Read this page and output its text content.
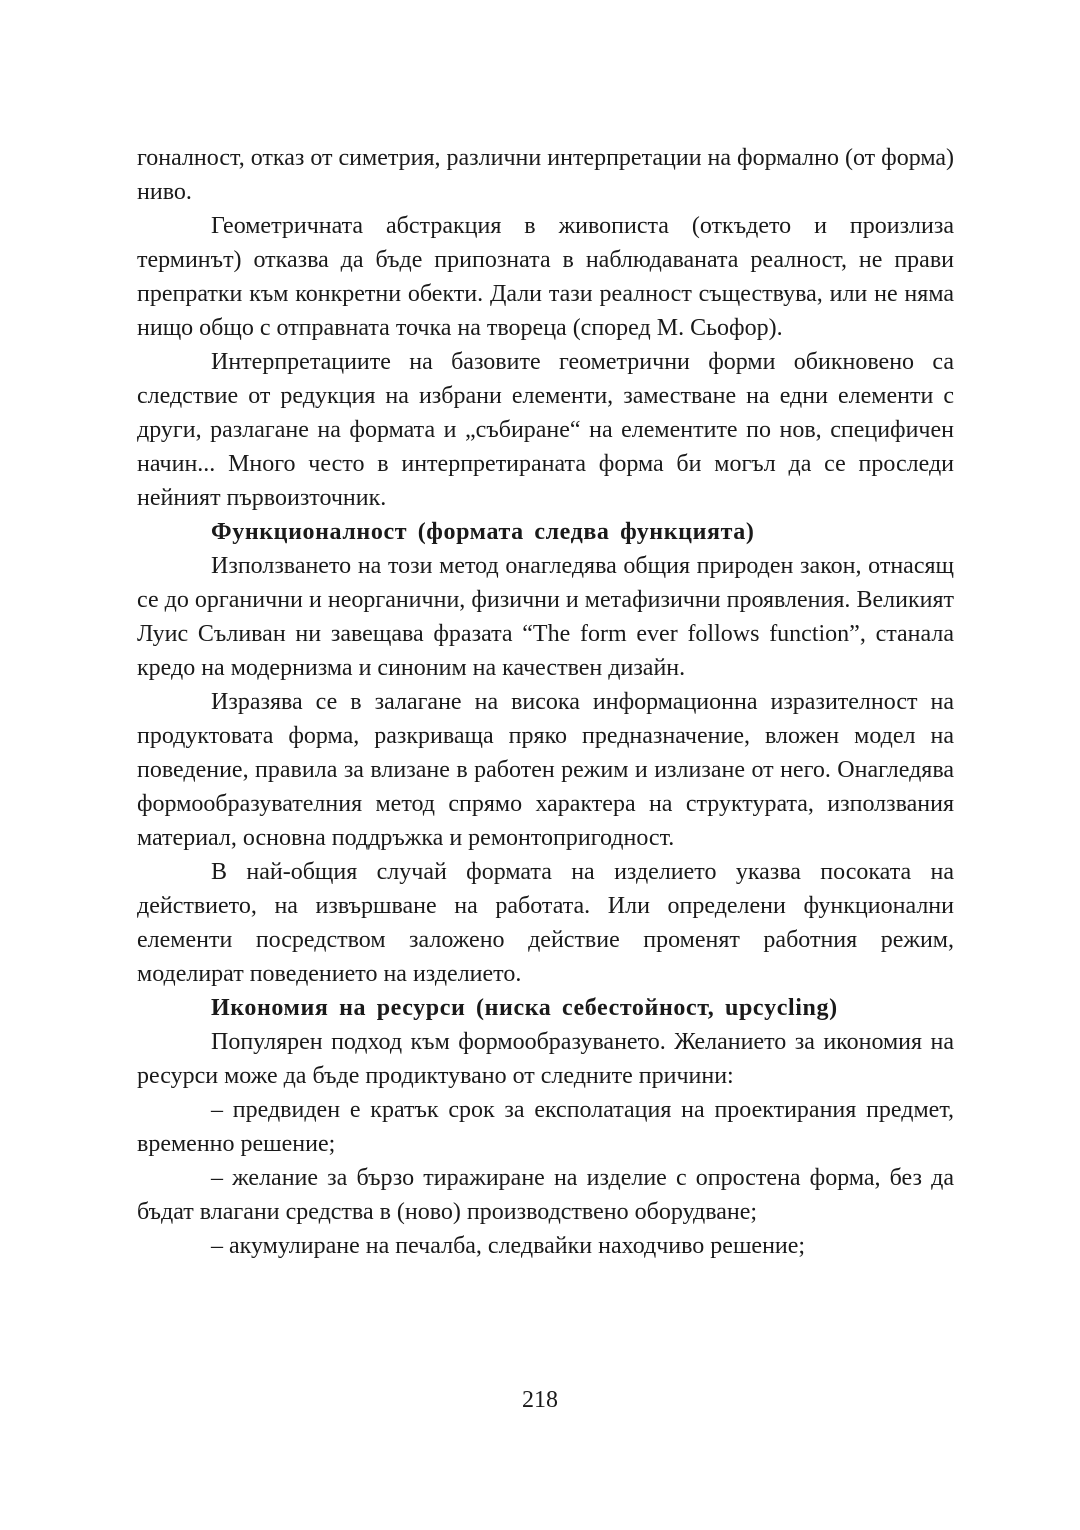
гоналност, отказ от симетрия, различни интерпретации на формално (от форма) ниво.

Геометричната абстракция в живописта (откъдето и произлиза терминът) отказва да бъде припозната в наблюдаваната реалност, не прави препратки към конкретни обекти. Дали тази реалност съществува, или не няма нищо общо с отправната точка на твореца (според М. Сьофор).

Интерпретациите на базовите геометрични форми обикновено са следствие от редукция на избрани елементи, заместване на едни елементи с други, разлагане на формата и „събиране“ на елементите по нов, специфичен начин... Много често в интерпретираната форма би могъл да се проследи нейният първоизточник.

Функционалност (формата следва функцията)

Използването на този метод онагледява общия природен закон, отнасящ се до органични и неорганични, физични и метафизични проявления. Великият Луис Съливан ни завещава фразата “The form ever follows function”, станала кредо на модернизма и синоним на качествен дизайн.

Изразява се в залагане на висока информационна изразителност на продуктовата форма, разкриваща пряко предназначение, вложен модел на поведение, правила за влизане в работен режим и излизане от него. Онагледява формообразувателния метод спрямо характера на структурата, използвания материал, основна поддръжка и ремонтопригодност.

В най-общия случай формата на изделието указва посоката на действието, на извършване на работата. Или определени функционални елементи посредством заложено действие променят работния режим, моделират поведението на изделието.

Икономия на ресурси (ниска себестойност, upcycling)

Популярен подход към формообразуването. Желанието за икономия на ресурси може да бъде продиктувано от следните причини:

– предвиден е кратък срок за експолатация на проектирания предмет, временно решение;

– желание за бързо тиражиране на изделие с опростена форма, без да бъдат влагани средства в (ново) производствено оборудване;

– акумулиране на печалба, следвайки находчиво решение;

218
